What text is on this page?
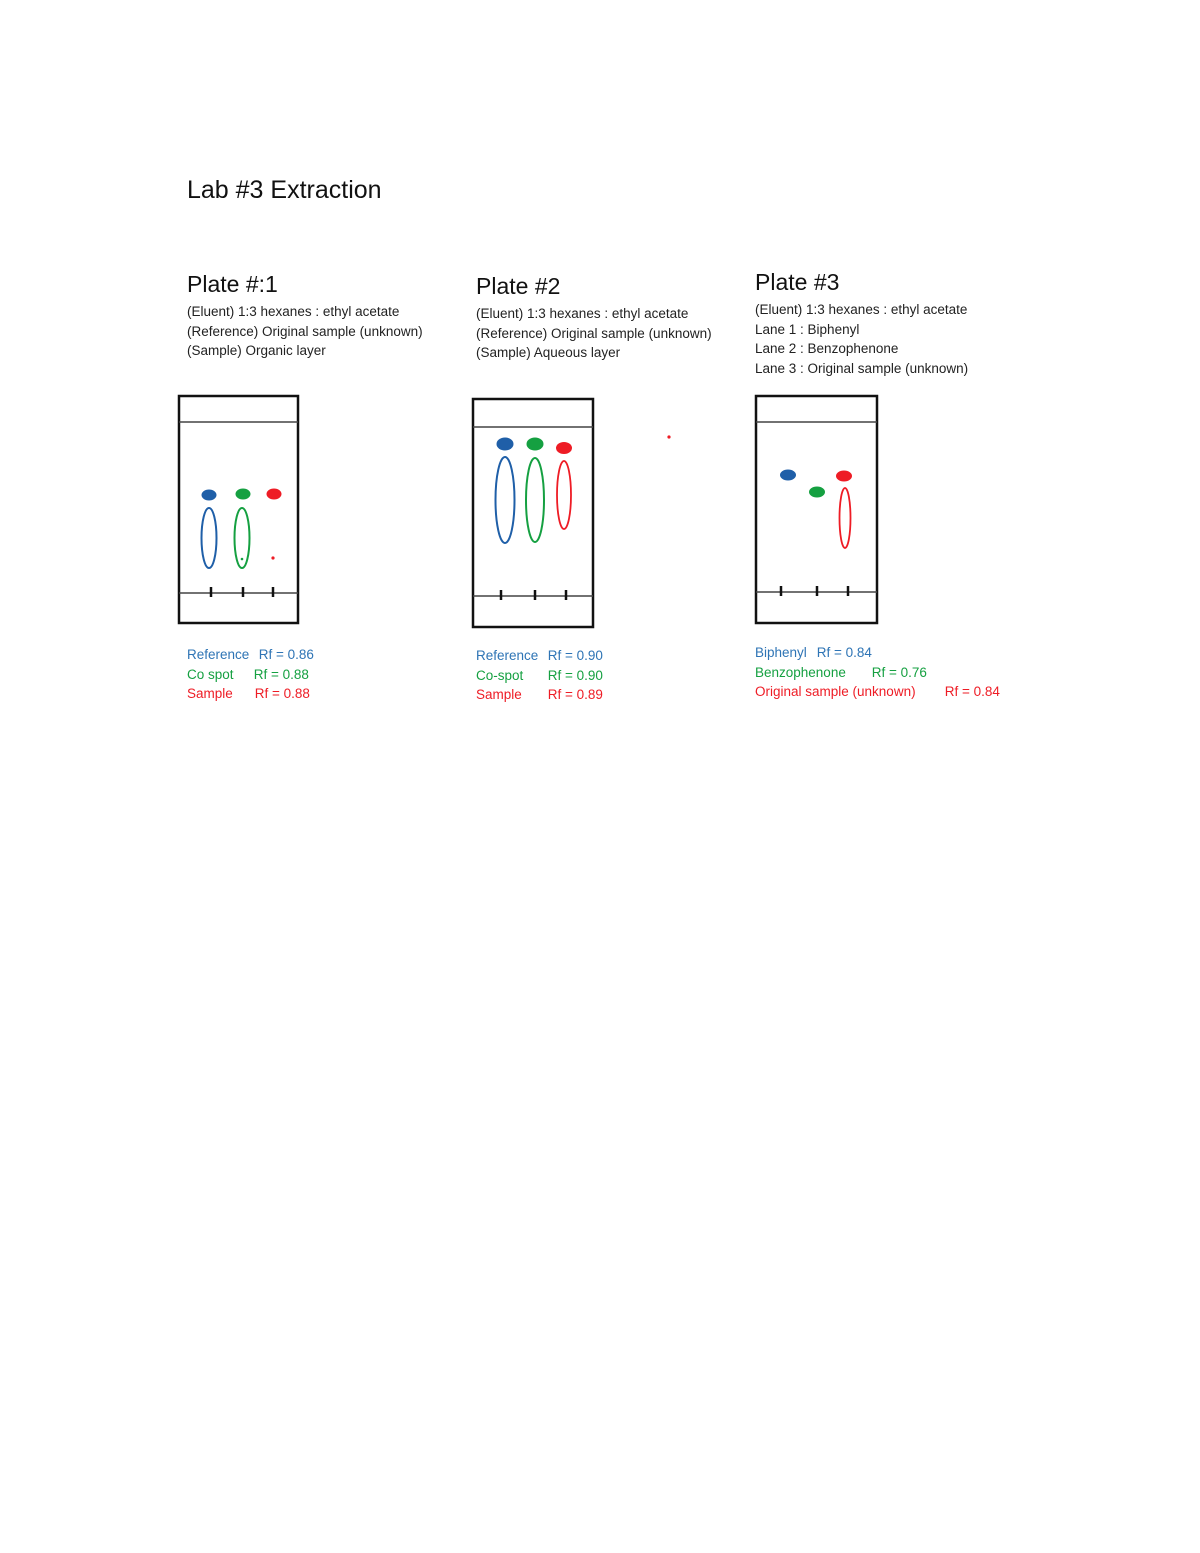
Lab #3 Extraction
Plate #:1
(Eluent) 1:3 hexanes : ethyl acetate
(Reference) Original sample (unknown)
(Sample) Organic layer
Reference Rf = 0.86
Co spot Rf = 0.88
Sample Rf = 0.88
Plate #2
(Eluent) 1:3 hexanes : ethyl acetate
(Reference) Original sample (unknown)
(Sample) Aqueous layer
Reference Rf = 0.90
Co-spot Rf = 0.90
Sample Rf = 0.89
Plate #3
(Eluent) 1:3 hexanes : ethyl acetate
Lane 1 : Biphenyl
Lane 2 : Benzophenone
Lane 3 : Original sample (unknown)
Biphenyl Rf = 0.84
Benzophenone Rf = 0.76
Original sample (unknown) Rf = 0.84
